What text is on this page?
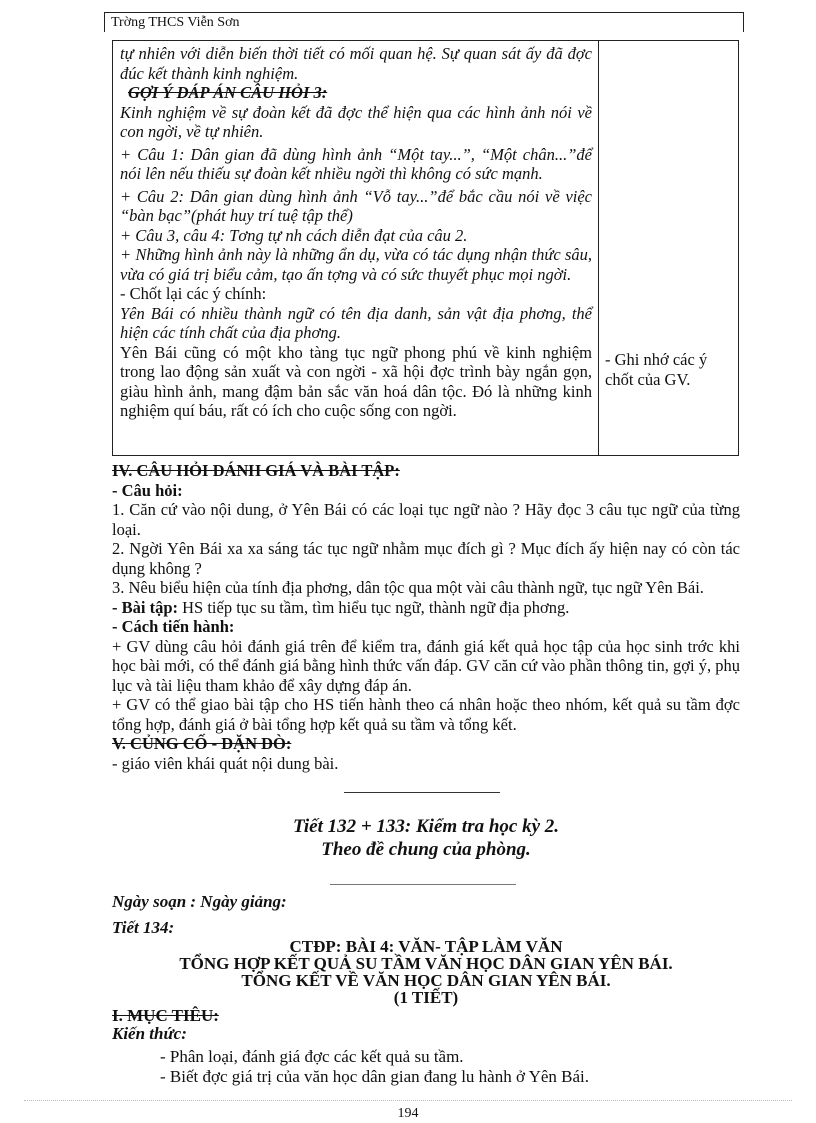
Trờng THCS Viễn Sơn

tự nhiên với diễn biến thời tiết có mối quan hệ. Sự quan sát ấy đã đợc đúc kết thành kinh nghiệm.

GỢI Ý ĐÁP ÁN CÂU HỎI 3:

Kinh nghiệm về sự đoàn kết đã đợc thể hiện qua các hình ảnh nói về con ngời, về tự nhiên.

+ Câu 1: Dân gian đã dùng hình ảnh “Một tay...”, “Một chân...”để nói lên nếu thiếu sự đoàn kết nhiều ngời thì không có sức mạnh.

+ Câu 2: Dân gian dùng hình ảnh “Vỗ tay...”để bắc cầu nói về việc “bàn bạc”(phát huy trí tuệ tập thể)

+ Câu 3, câu 4: Tơng tự nh cách diễn đạt của câu 2.

+ Những hình ảnh này là những ẩn dụ, vừa có tác dụng nhận thức sâu, vừa có giá trị biểu cảm, tạo ấn tợng và có sức thuyết phục mọi ngời.

- Chốt lại các ý chính:

Yên Bái có nhiều thành ngữ có tên địa danh, sản vật địa phơng, thể hiện các tính chất của địa phơng.

Yên Bái cũng có một kho tàng tục ngữ phong phú về kinh nghiệm trong lao động sản xuất và con ngời - xã hội đợc trình bày ngắn gọn, giàu hình ảnh, mang đậm bản sắc văn hoá dân tộc. Đó là những kinh nghiệm quí báu, rất có ích cho cuộc sống con ngời.

- Ghi nhớ các ý chốt của GV.

IV. CÂU HỎI ĐÁNH GIÁ VÀ BÀI TẬP:

- Câu hỏi:

1. Căn cứ vào nội dung, ở Yên Bái có các loại tục ngữ nào ? Hãy đọc 3 câu tục ngữ của từng loại.

2. Ngời Yên Bái xa xa sáng tác tục ngữ nhằm mục đích gì ? Mục đích ấy hiện nay có còn tác dụng không ?

3. Nêu biểu hiện của tính địa phơng, dân tộc qua một vài câu thành ngữ, tục ngữ Yên Bái.

- Bài tập: HS tiếp tục su tầm, tìm hiểu tục ngữ, thành ngữ địa phơng.

- Cách tiến hành:

+ GV dùng câu hỏi đánh giá trên để kiểm tra, đánh giá kết quả học tập của học sinh trớc khi học bài mới, có thể đánh giá bằng hình thức vấn đáp. GV căn cứ vào phần thông tin, gợi ý, phụ lục và tài liệu tham khảo để xây dựng đáp án.

+ GV có thể giao bài tập cho HS tiến hành theo cá nhân hoặc theo nhóm, kết quả su tầm đợc tổng hợp, đánh giá ở bài tổng hợp kết quả su tầm và tổng kết.

V. CỦNG CỐ - DẶN DÒ:

- giáo viên khái quát nội dung bài.

Tiết 132 + 133: Kiểm tra học kỳ 2.
Theo đề chung của phòng.
Ngày soạn : Ngày giảng:
Tiết 134:
CTĐP: BÀI 4: VĂN- TẬP LÀM VĂN
TỔNG HỢP KẾT QUẢ SU TẦM VĂN HỌC DÂN GIAN YÊN BÁI.
TỔNG KẾT VỀ VĂN HỌC DÂN GIAN YÊN BÁI.
(1 TIẾT)
I. MỤC TIÊU:
Kiến thức:
- Phân loại, đánh giá đợc các kết quả su tầm.
- Biết đợc giá trị của văn học dân gian đang lu hành ở Yên Bái.
194
